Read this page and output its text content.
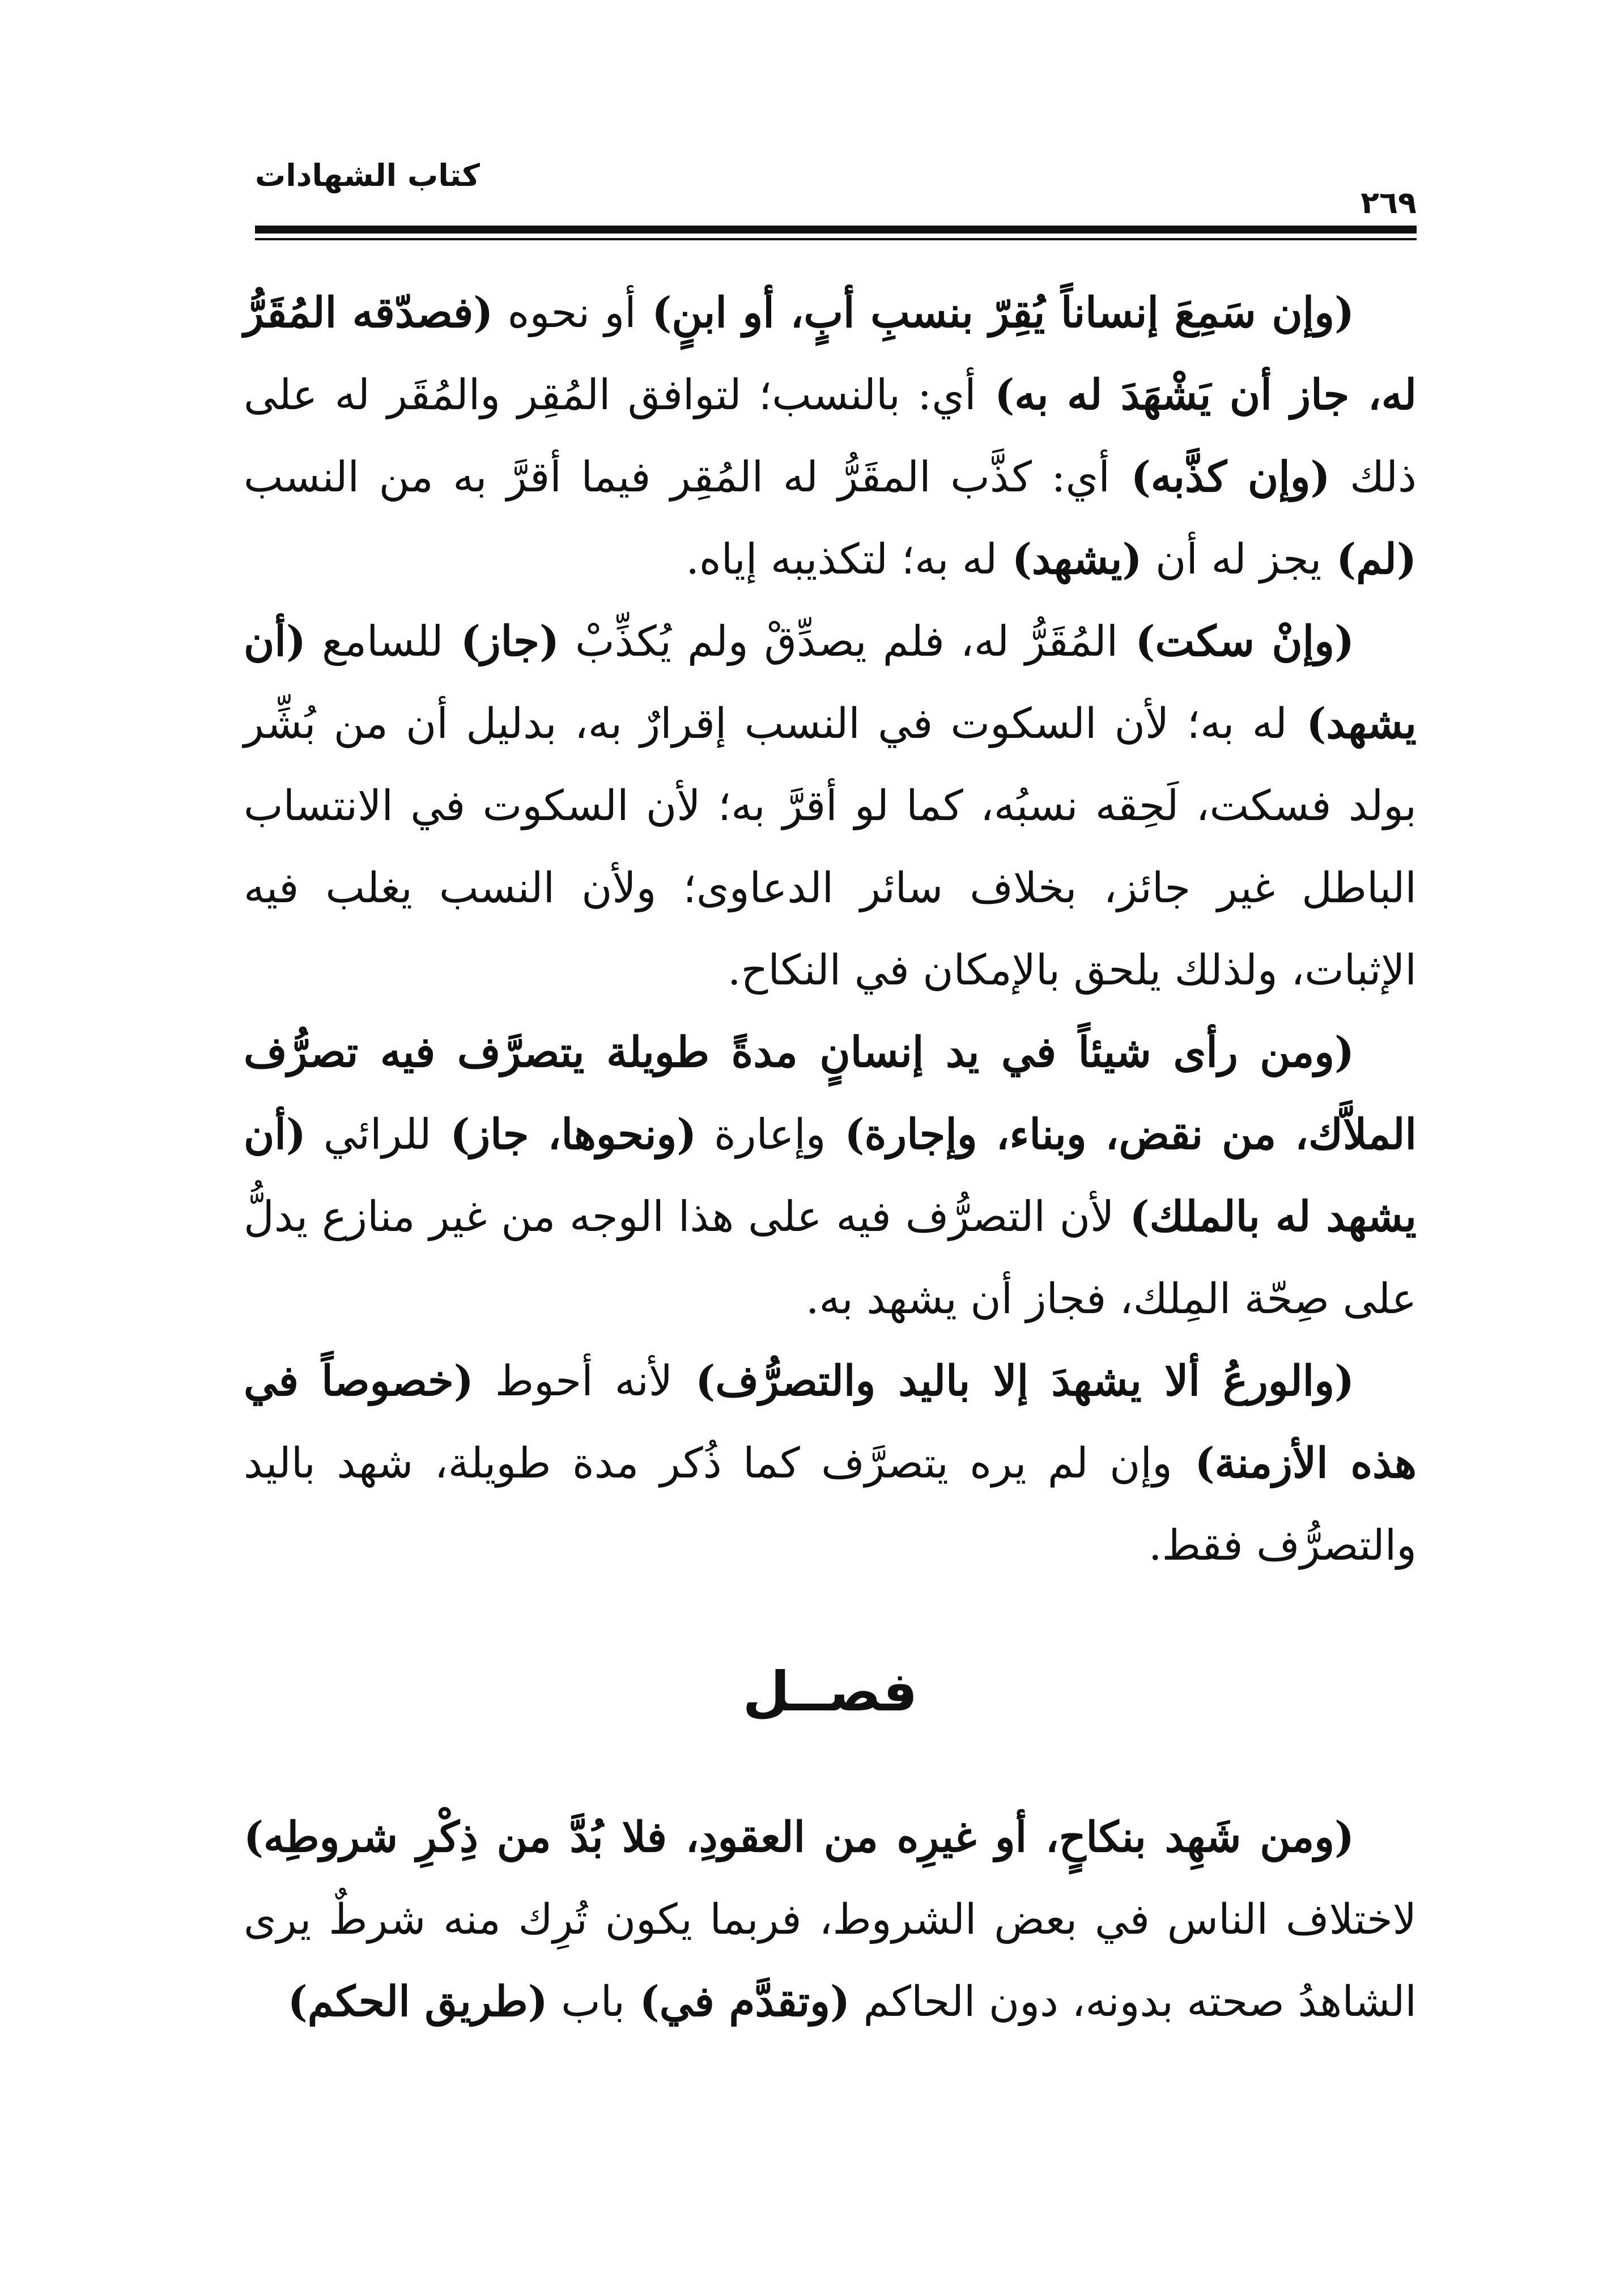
كتاب الشهادات
٢٦٩

(وإن سَمِعَ إنساناً يُقِرّ بنسبِ أبٍ، أو ابنٍ) أو نحوه (فصدّقه المُقَرُّ له، جاز أن يَشْهَدَ له به) أي: بالنسب؛ لتوافق المُقِر والمُقَر له على ذلك (وإن كذَّبه) أي: كذَّب المقَرُّ له المُقِر فيما أقرَّ به من النسب (لم) يجز له أن (يشهد) له به؛ لتكذيبه إياه.

(وإنْ سكت) المُقَرُّ له، فلم يصدِّقْ ولم يُكذِّبْ (جاز) للسامع (أن يشهد) له به؛ لأن السكوت في النسب إقرارٌ به، بدليل أن من بُشِّر بولد فسكت، لَحِقه نسبُه، كما لو أقرَّ به؛ لأن السكوت في الانتساب الباطل غير جائز، بخلاف سائر الدعاوى؛ ولأن النسب يغلب فيه الإثبات، ولذلك يلحق بالإمكان في النكاح.

(ومن رأى شيئاً في يد إنسانٍ مدةً طويلة يتصرَّف فيه تصرُّف الملاَّك، من نقض، وبناء، وإجارة) وإعارة (ونحوها، جاز) للرائي (أن يشهد له بالملك) لأن التصرُّف فيه على هذا الوجه من غير منازع يدلُّ على صِحّة المِلك، فجاز أن يشهد به.

(والورعُ ألا يشهدَ إلا باليد والتصرُّف) لأنه أحوط (خصوصاً في هذه الأزمنة) وإن لم يره يتصرَّف كما ذُكر مدة طويلة، شهد باليد والتصرُّف فقط.

فصــل

(ومن شَهِد بنكاحٍ، أو غيرِه من العقودِ، فلا بُدَّ من ذِكْرِ شروطِه) لاختلاف الناس في بعض الشروط، فربما يكون تُرِك منه شرطٌ يرى الشاهدُ صحته بدونه، دون الحاكم (وتقدَّم في) باب (طريق الحكم)
